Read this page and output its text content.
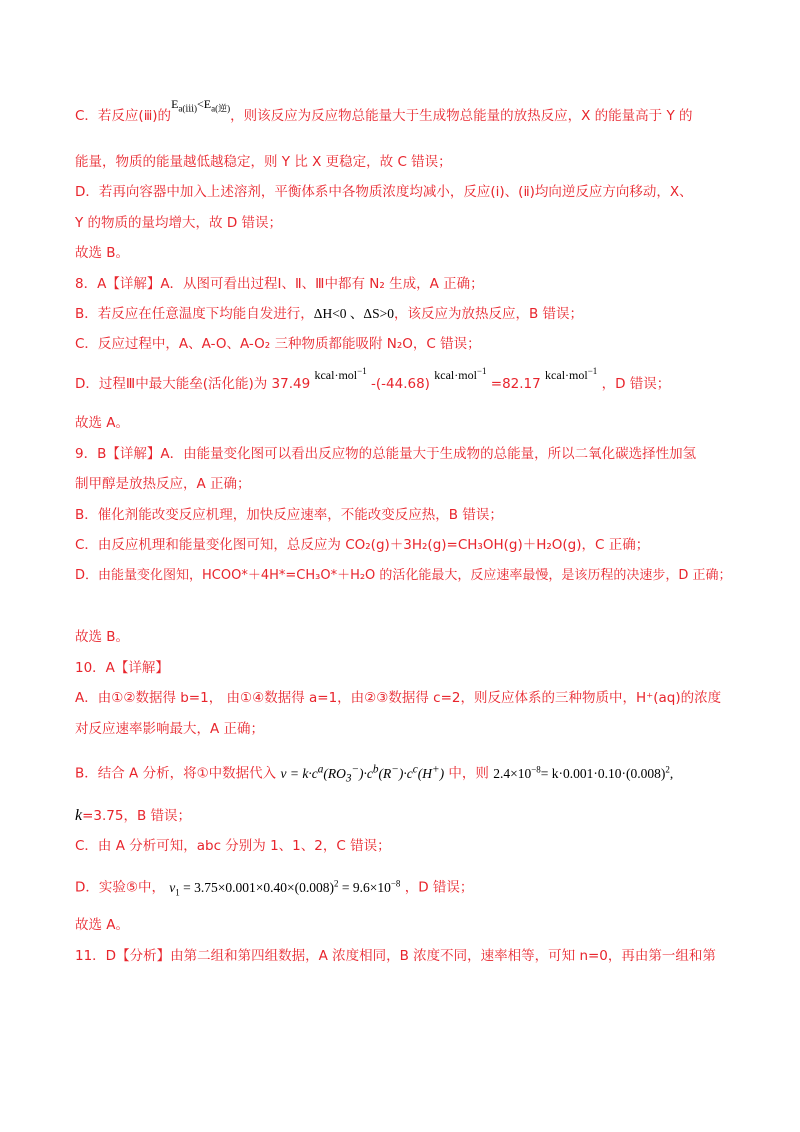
C．若反应(ⅲ)的$E_{a(ⅲ)}<E_{a(逆)}$，则该反应为反应物总能量大于生成物总能量的放热反应，X 的能量高于 Y 的
能量，物质的能量越低越稳定，则 Y 比 X 更稳定，故 C 错误；
D．若再向容器中加入上述溶剂，平衡体系中各物质浓度均减小，反应(ⅰ)、(ⅱ)均向逆反应方向移动，X、
Y 的物质的量均增大，故 D 错误；
故选 B。
8．A【详解】A．从图可看出过程Ⅰ、Ⅱ、Ⅲ中都有 N₂ 生成，A 正确；
B．若反应在任意温度下均能自发进行，ΔH<0 、ΔS>0，该反应为放热反应，B 错误；
C．反应过程中，A、A-O、A-O₂ 三种物质都能吸附 N₂O，C 错误；
D．过程Ⅲ中最大能垒(活化能)为 37.49 kcal·mol$^{-1}$ -(-44.68) kcal·mol$^{-1}$ =82.17 kcal·mol$^{-1}$ ，D 错误；
故选 A。
9．B【详解】A．由能量变化图可以看出反应物的总能量大于生成物的总能量，所以二氧化碳选择性加氢
制甲醇是放热反应，A 正确；
B．催化剂能改变反应机理，加快反应速率，不能改变反应热，B 错误；
C．由反应机理和能量变化图可知，总反应为 CO₂(g)＋3H₂(g)=CH₃OH(g)＋H₂O(g)，C 正确；
D．由能量变化图知，HCOO*＋4H*=CH₃O*＋H₂O 的活化能最大，反应速率最慢，是该历程的决速步，D 正确；
故选 B。
10．A【详解】
A．由①②数据得 b=1， 由①④数据得 a=1，由②③数据得 c=2，则反应体系的三种物质中，H⁺(aq)的浓度
对反应速率影响最大，A 正确；
B．结合 A 分析，将①中数据代入 $v = k\cdot c^a(RO_3^-)\cdot c^b(R^-)\cdot c^c(H^+)$ 中，则 $2.4\times 10^{-8}= k\cdot 0.001\cdot 0.10\cdot(0.008)^2$,
k=3.75，B 错误；
C．由 A 分析可知，abc 分别为 1、1、2，C 错误；
D．实验⑤中， $v_1 = 3.75\times 0.001\times 0.40\times(0.008)^2 = 9.6\times 10^{-8}$ ，D 错误；
故选 A。
11．D【分析】由第二组和第四组数据，A 浓度相同，B 浓度不同，速率相等，可知 n=0，再由第一组和第
